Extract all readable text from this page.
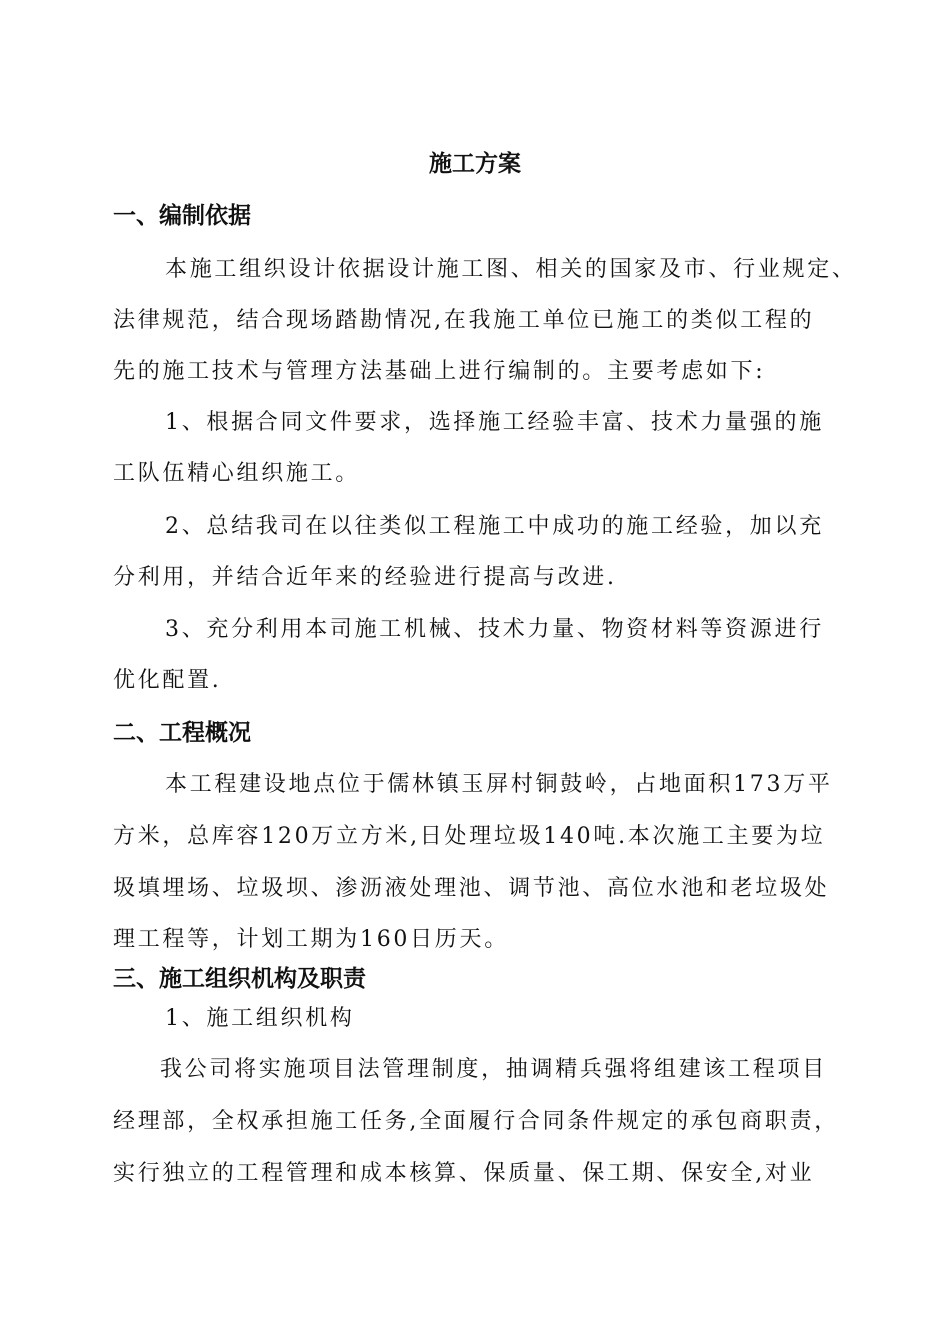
施工方案
一、编制依据

本施工组织设计依据设计施工图、相关的国家及市、行业规定、

法律规范，结合现场踏勘情况,在我施工单位已施工的类似工程的

先的施工技术与管理方法基础上进行编制的。主要考虑如下:

1、根据合同文件要求，选择施工经验丰富、技术力量强的施

工队伍精心组织施工。

2、总结我司在以往类似工程施工中成功的施工经验，加以充

分利用，并结合近年来的经验进行提高与改进.

3、充分利用本司施工机械、技术力量、物资材料等资源进行

优化配置.

二、工程概况

本工程建设地点位于儒林镇玉屏村铜鼓岭，占地面积173万平

方米，总库容120万立方米,日处理垃圾140吨.本次施工主要为垃

圾填埋场、垃圾坝、渗沥液处理池、调节池、高位水池和老垃圾处

理工程等，计划工期为160日历天。

三、施工组织机构及职责

1、施工组织机构

我公司将实施项目法管理制度，抽调精兵强将组建该工程项目

经理部，全权承担施工任务,全面履行合同条件规定的承包商职责，

实行独立的工程管理和成本核算、保质量、保工期、保安全,对业
